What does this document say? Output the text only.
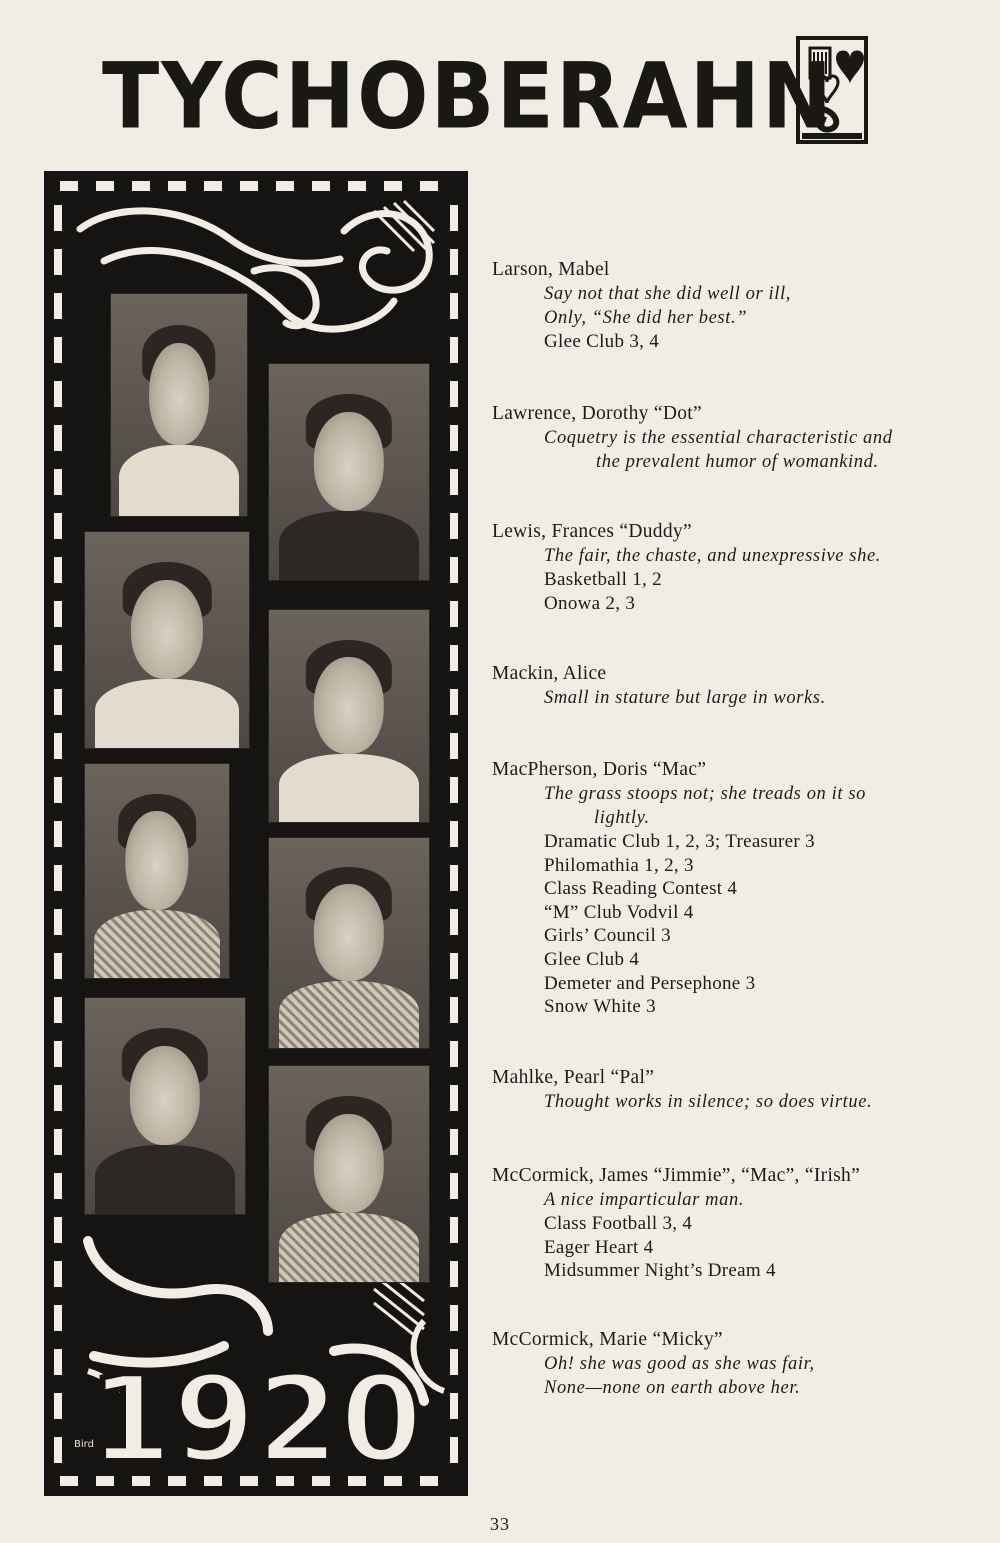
TYCHOBERAHN
1920
Bird
Larson, Mabel
Say not that she did well or ill,
Only, “She did her best.”
Glee Club 3, 4
Lawrence, Dorothy “Dot”
Coquetry is the essential characteristic and
the prevalent humor of womankind.
Lewis, Frances “Duddy”
The fair, the chaste, and unexpressive she.
Basketball 1, 2
Onowa 2, 3
Mackin, Alice
Small in stature but large in works.
MacPherson, Doris “Mac”
The grass stoops not; she treads on it so
lightly.
Dramatic Club 1, 2, 3; Treasurer 3
Philomathia 1, 2, 3
Class Reading Contest 4
“M” Club Vodvil 4
Girls’ Council 3
Glee Club 4
Demeter and Persephone 3
Snow White 3
Mahlke, Pearl “Pal”
Thought works in silence; so does virtue.
McCormick, James “Jimmie”, “Mac”, “Irish”
A nice imparticular man.
Class Football 3, 4
Eager Heart 4
Midsummer Night’s Dream 4
McCormick, Marie “Micky”
Oh! she was good as she was fair,
None—none on earth above her.
33
